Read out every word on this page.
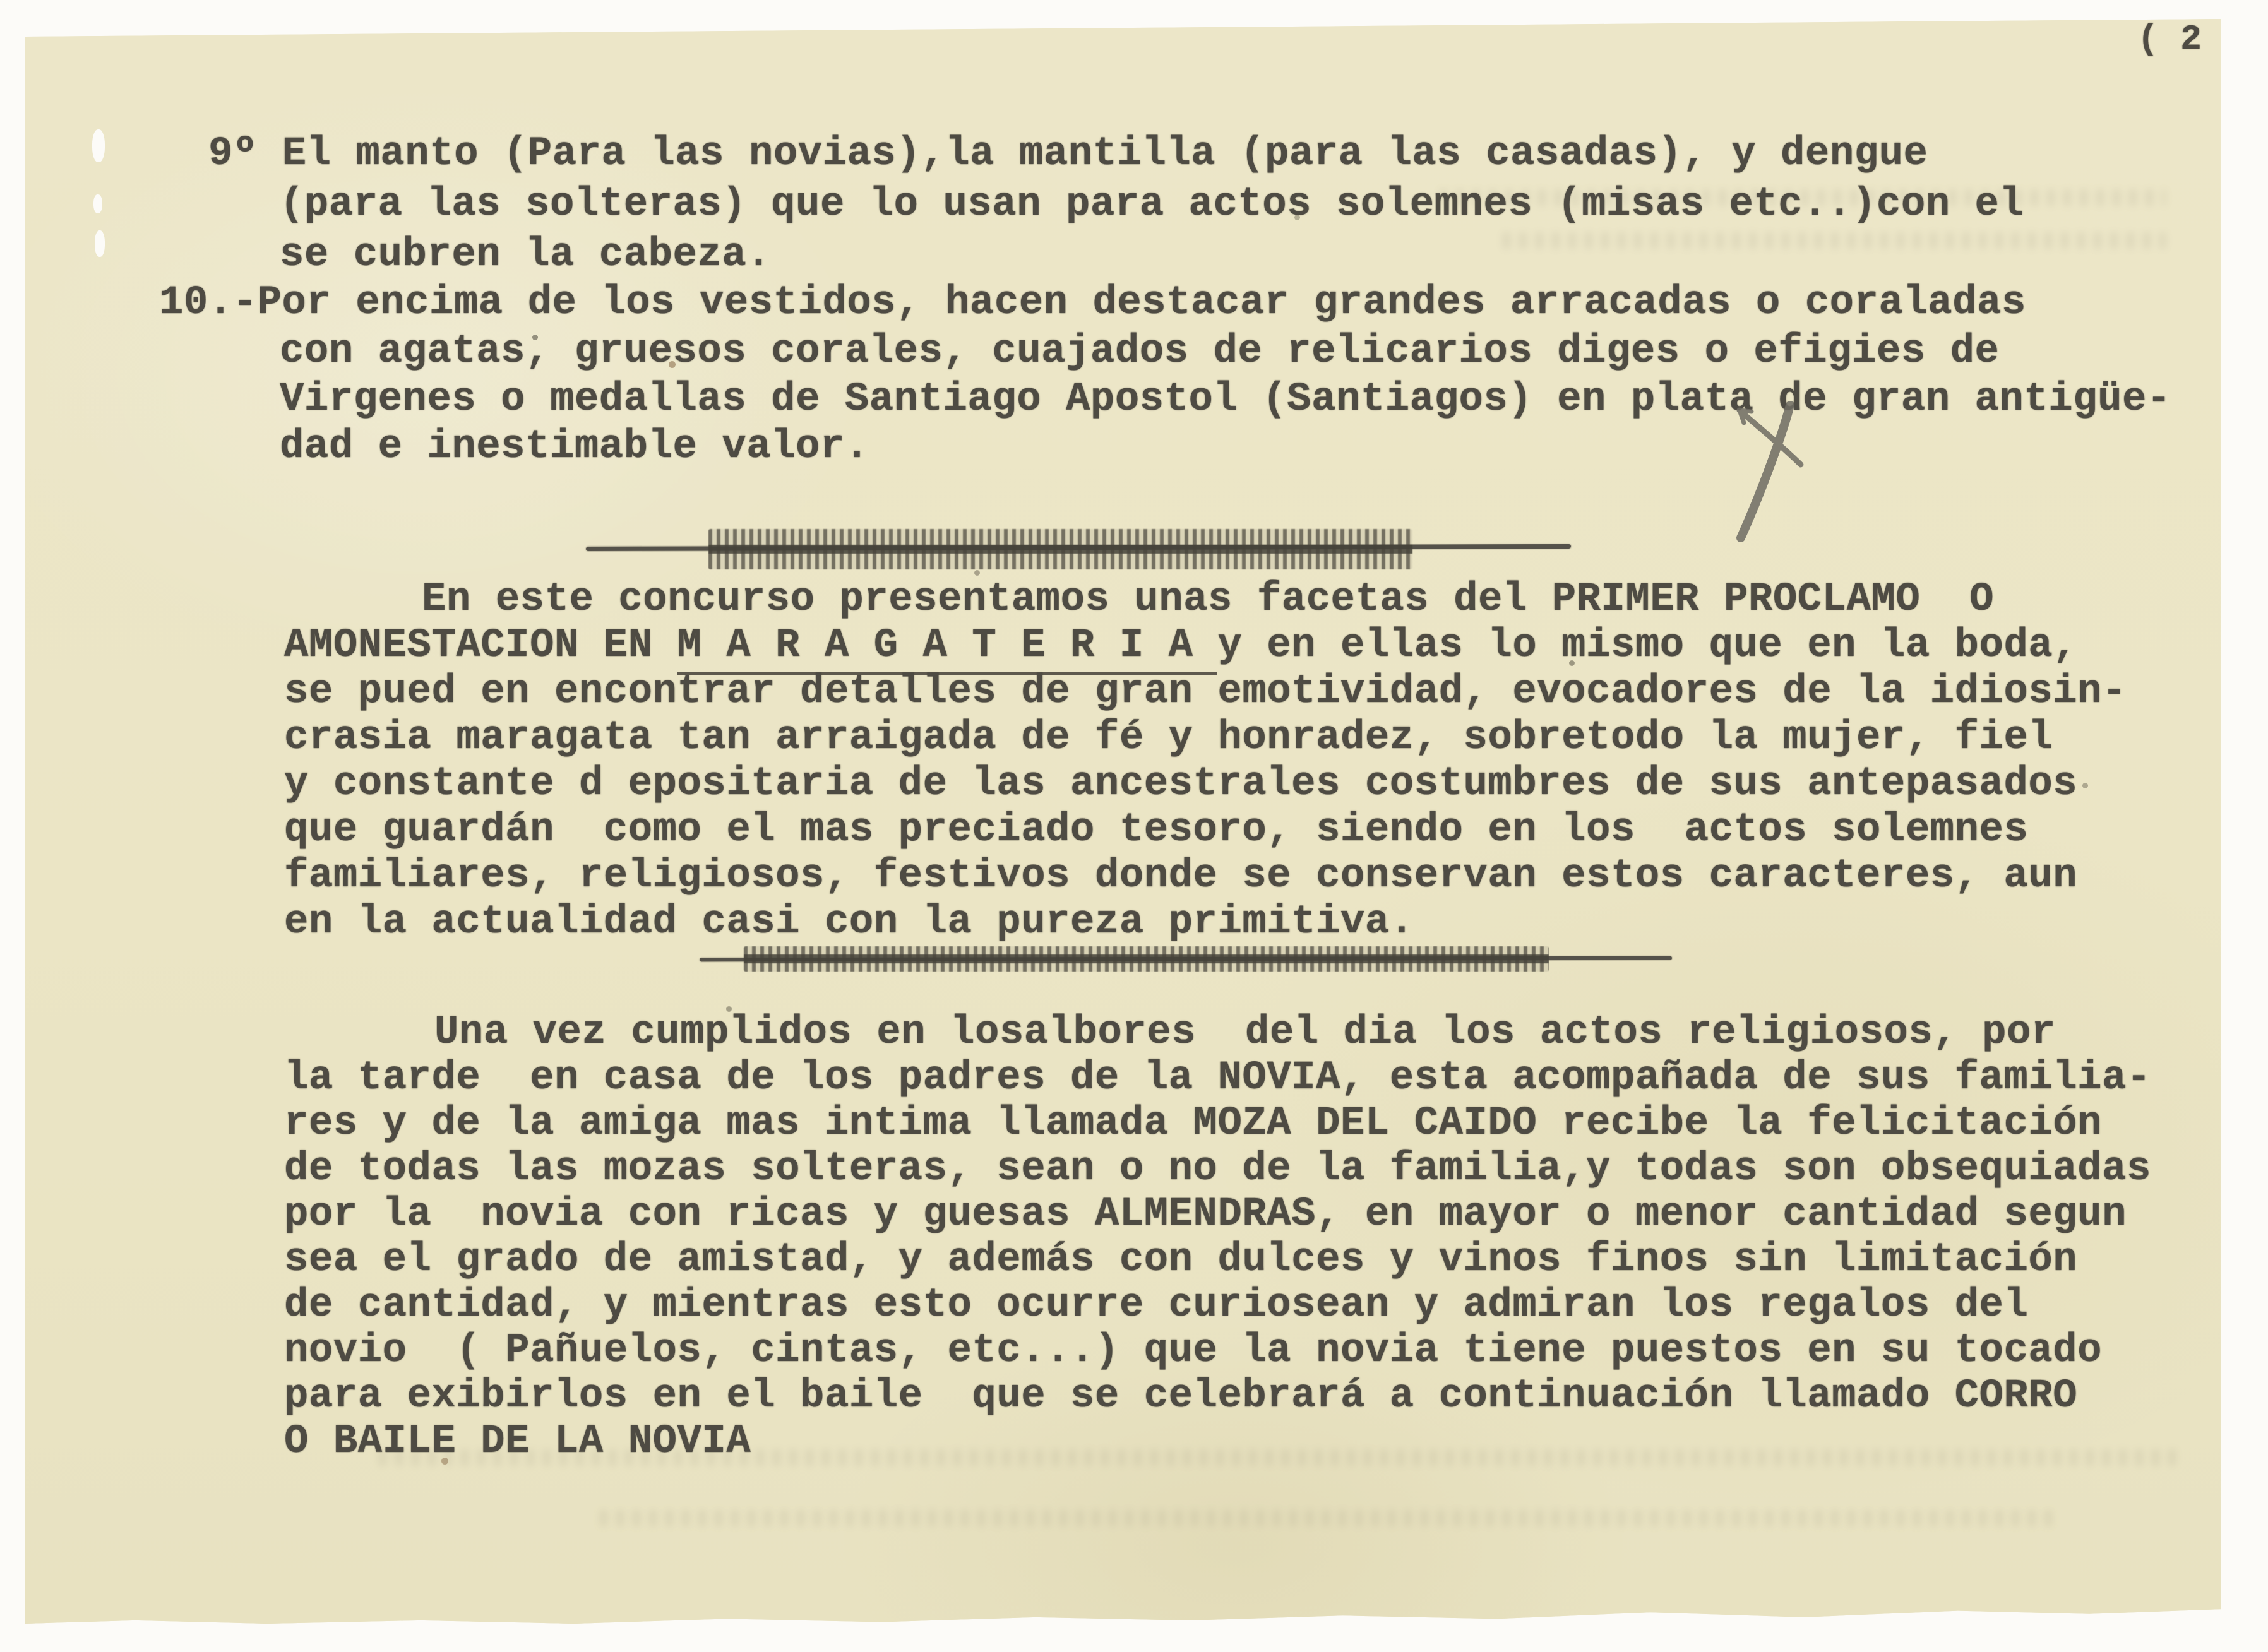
( 2
9º El manto (Para las novias),la mantilla (para las casadas), y dengue
(para las solteras) que lo usan para actos solemnes (misas etc..)con el
se cubren la cabeza.
10.-Por encima de los vestidos, hacen destacar grandes arracadas o coraladas
con agatas, gruesos corales, cuajados de relicarios diges o efigies de
Virgenes o medallas de Santiago Apostol (Santiagos) en plata de gran antigüe-
dad e inestimable valor.
En este concurso presentamos unas facetas del PRIMER PROCLAMO  O
AMONESTACION EN M A R A G A T E R I A y en ellas lo mismo que en la boda,
se pued en encontrar detalles de gran emotividad, evocadores de la idiosin-
crasia maragata tan arraigada de fé y honradez, sobretodo la mujer, fiel
y constante d epositaria de las ancestrales costumbres de sus antepasados
que guardán  como el mas preciado tesoro, siendo en los  actos solemnes
familiares, religiosos, festivos donde se conservan estos caracteres, aun
en la actualidad casi con la pureza primitiva.
Una vez cumplidos en losalbores  del dia los actos religiosos, por
la tarde  en casa de los padres de la NOVIA, esta acompañada de sus familia-
res y de la amiga mas intima llamada MOZA DEL CAIDO recibe la felicitación
de todas las mozas solteras, sean o no de la familia,y todas son obsequiadas
por la  novia con ricas y guesas ALMENDRAS, en mayor o menor cantidad segun
sea el grado de amistad, y además con dulces y vinos finos sin limitación
de cantidad, y mientras esto ocurre curiosean y admiran los regalos del
novio  ( Pañuelos, cintas, etc...) que la novia tiene puestos en su tocado
para exibirlos en el baile  que se celebrará a continuación llamado CORRO
O BAILE DE LA NOVIA
